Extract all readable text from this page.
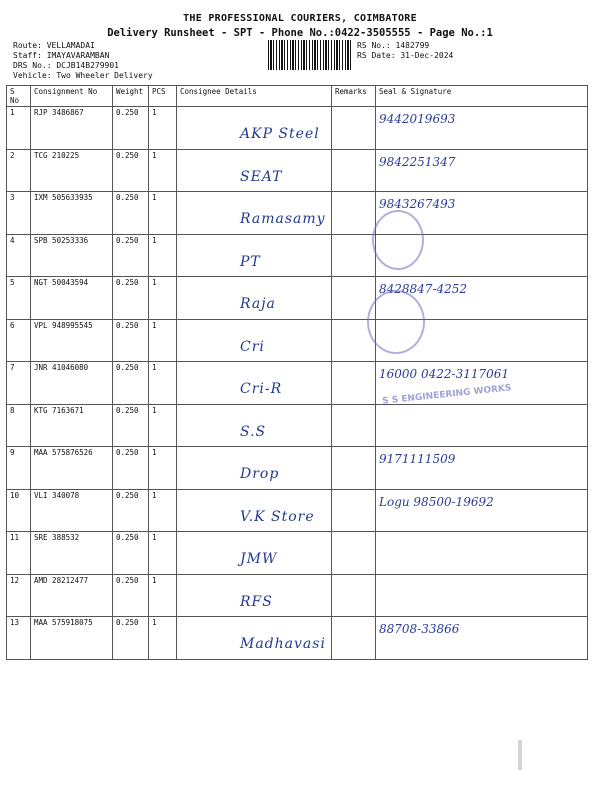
THE PROFESSIONAL COURIERS, COIMBATORE
Delivery Runsheet - SPT - Phone No.:0422-3505555 - Page No.:1
Route: VELLAMADAI
Staff: IMAYAVARAMBAN
DRS No.: DCJB14B279901
Vehicle: Two Wheeler Delivery
RS No.: 1482799
RS Date: 31-Dec-2024
S No	Consignment No	Weight	PCS	Consignee Details	Remarks	Seal & Signature
1	RJP 3486867	0.250	1	AKP Steel		9442019693

2	TCG 210225	0.250	1	SEAT		9842251347

3	IXM 505633935	0.250	1	Ramasamy		9843267493

4	SPB 50253336	0.250	1	PT		

5	NGT 50043594	0.250	1	Raja		8428847-4252

6	VPL 948995545	0.250	1	Cri		

7	JNR 41046080	0.250	1	Cri-R		16000 0422-3117061

8	KTG 7163671	0.250	1	S.S		

9	MAA 575876526	0.250	1	Drop		9171111509

10	VLI 340078	0.250	1	V.K Store		Logu 98500-19692

11	SRE 388532	0.250	1	JMW		

12	AMD 28212477	0.250	1	RFS		

13	MAA 575918075	0.250	1	Madhavasi		88708-33866
S S ENGINEERING WORKS
